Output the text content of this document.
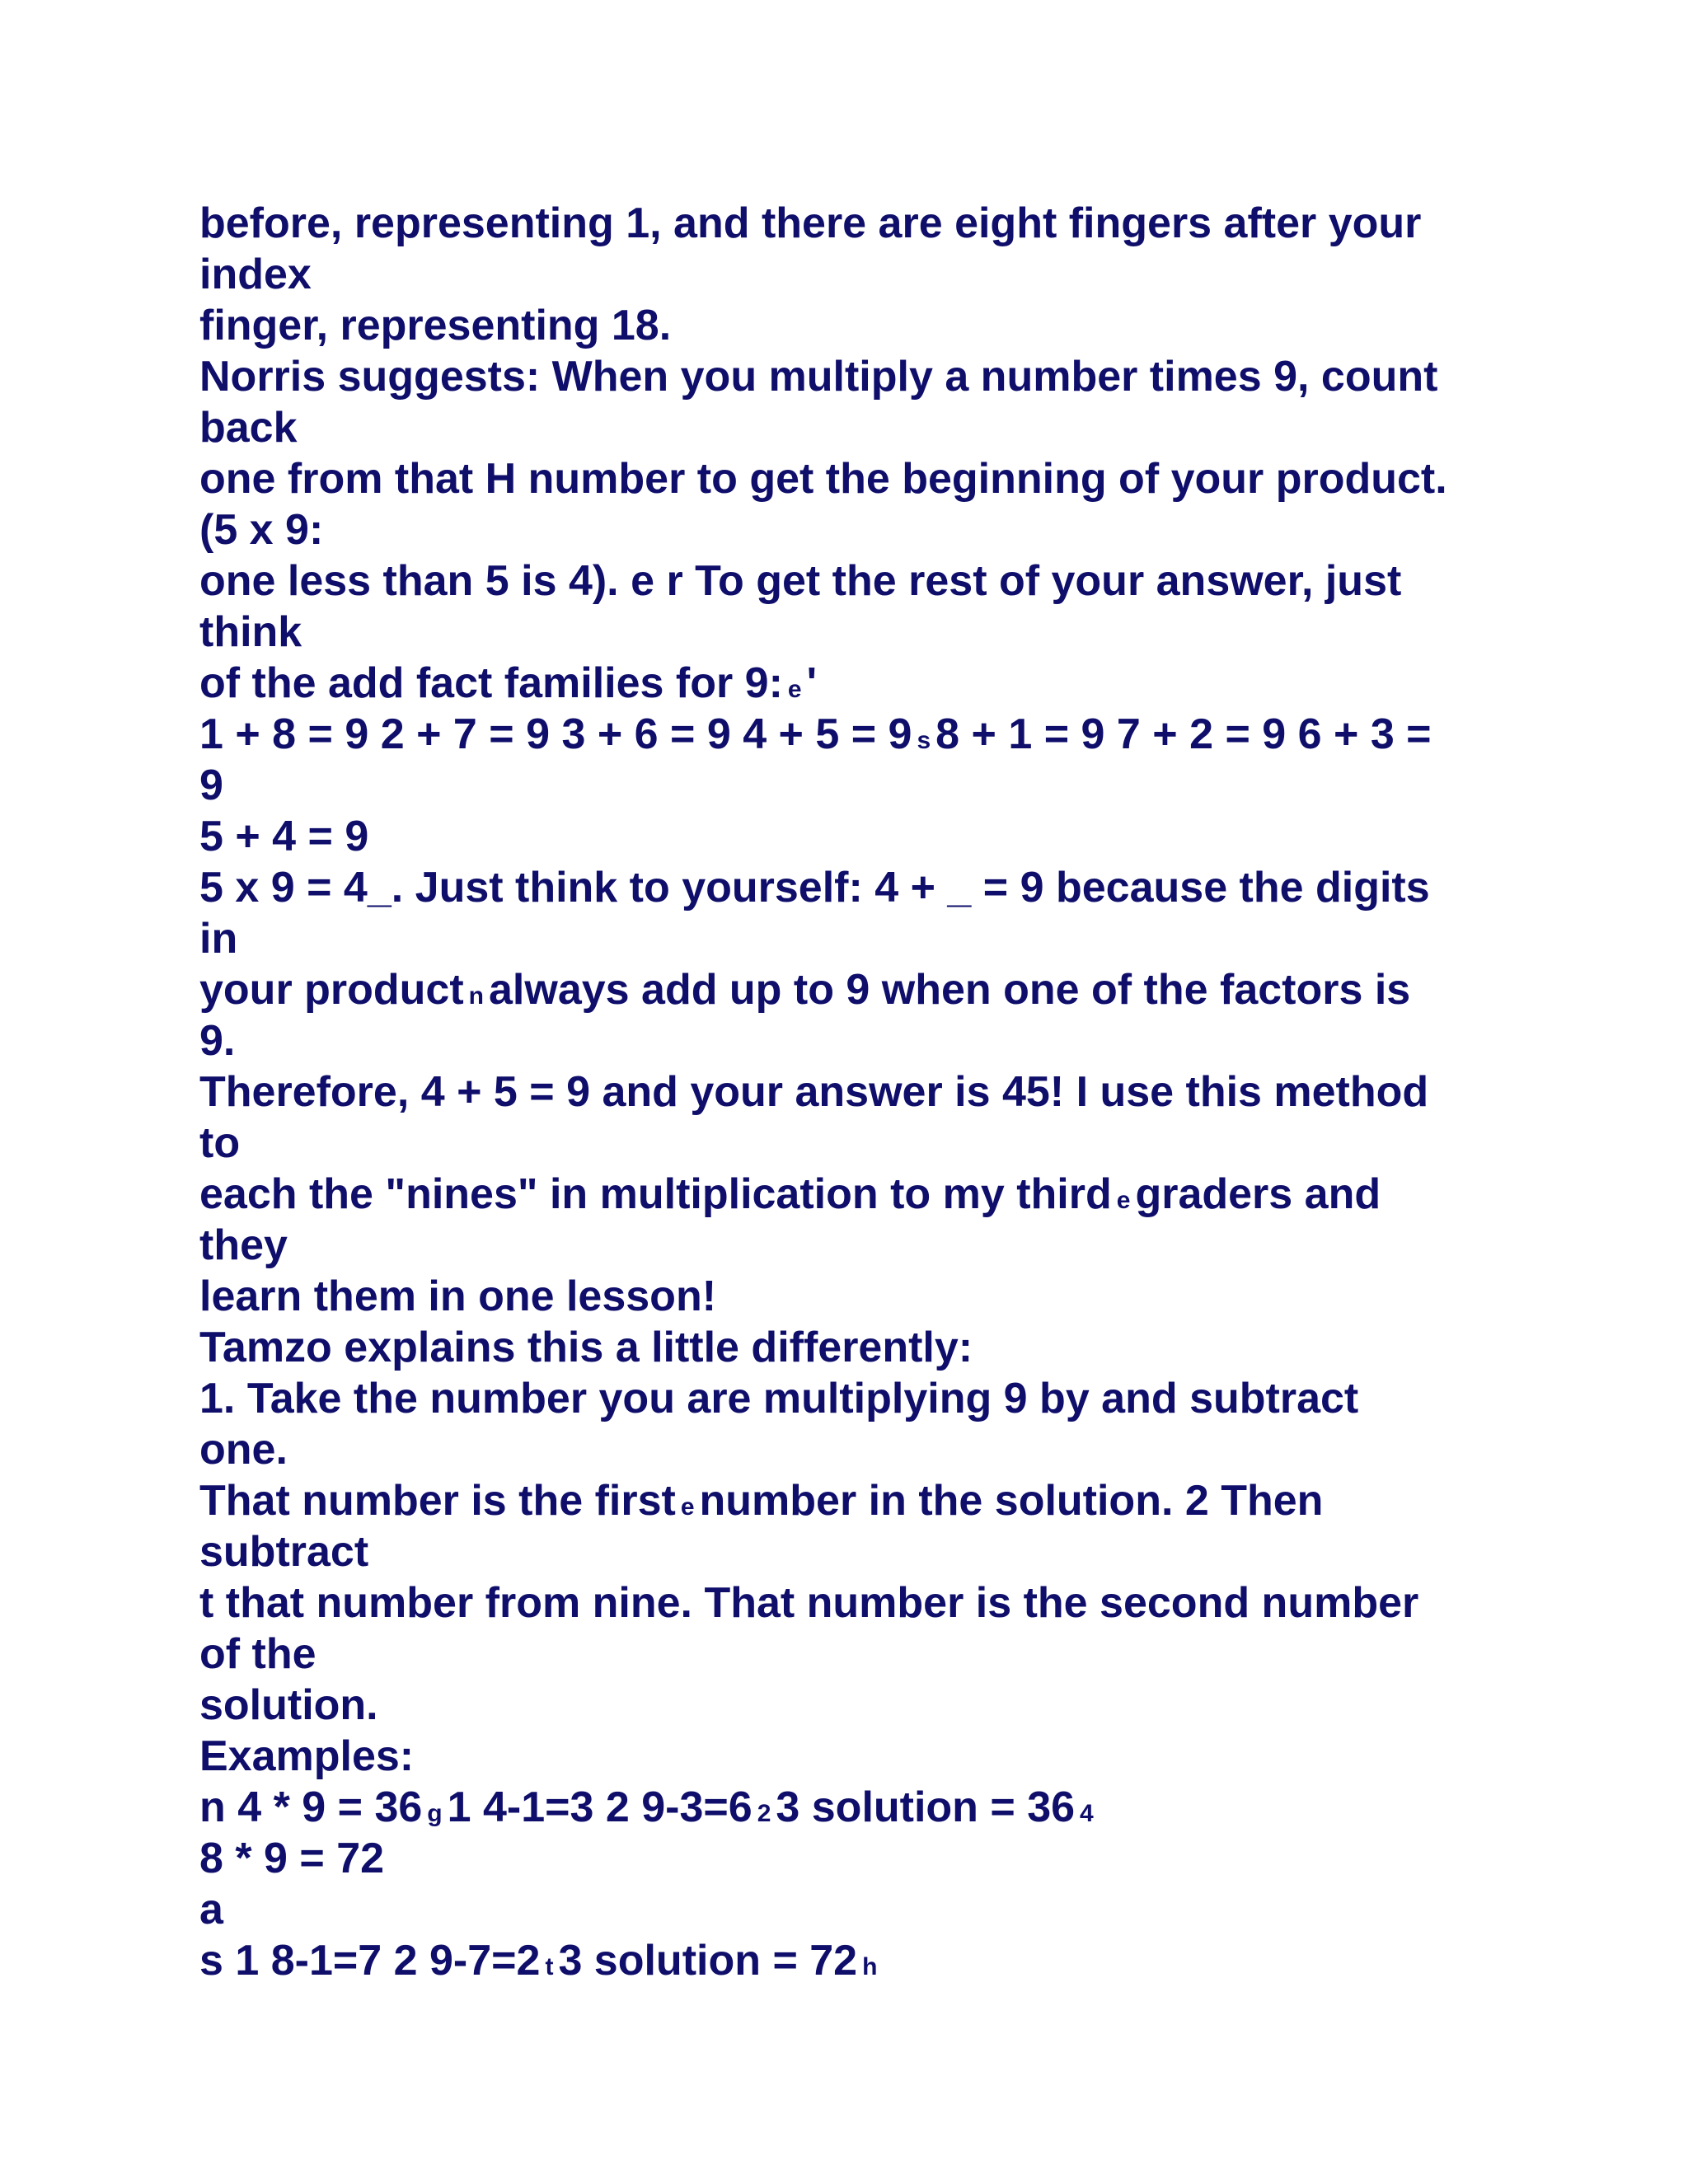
before, representing 1, and there are eight fingers after your
index
finger, representing 18.
Norris suggests: When you multiply a number times 9, count
back
one from that H number to get the beginning of your product.
(5 x 9:
one less than 5 is 4). e r To get the rest of your answer, just
think
of the add fact families for 9: e '
1 + 8 = 9 2 + 7 = 9 3 + 6 = 9 4 + 5 = 9 s 8 + 1 = 9 7 + 2 = 9 6 + 3 =
9
5 + 4 = 9
5 x 9 = 4_. Just think to yourself: 4 + _ = 9 because the digits
in
your product n always add up to 9 when one of the factors is
9.
Therefore, 4 + 5 = 9 and your answer is 45! I use this method
to
each the "nines" in multiplication to my third e graders and
they
learn them in one lesson!
Tamzo explains this a little differently:
1. Take the number you are multiplying 9 by and subtract
one.
That number is the first e number in the solution. 2 Then
subtract
t that number from nine. That number is the second number
of the
solution.
Examples:
n 4 * 9 = 36 g 1 4-1=3 2 9-3=6 2 3 solution = 36 4
8 * 9 = 72
a
s 1 8-1=7 2 9-7=2 t 3 solution = 72 h
